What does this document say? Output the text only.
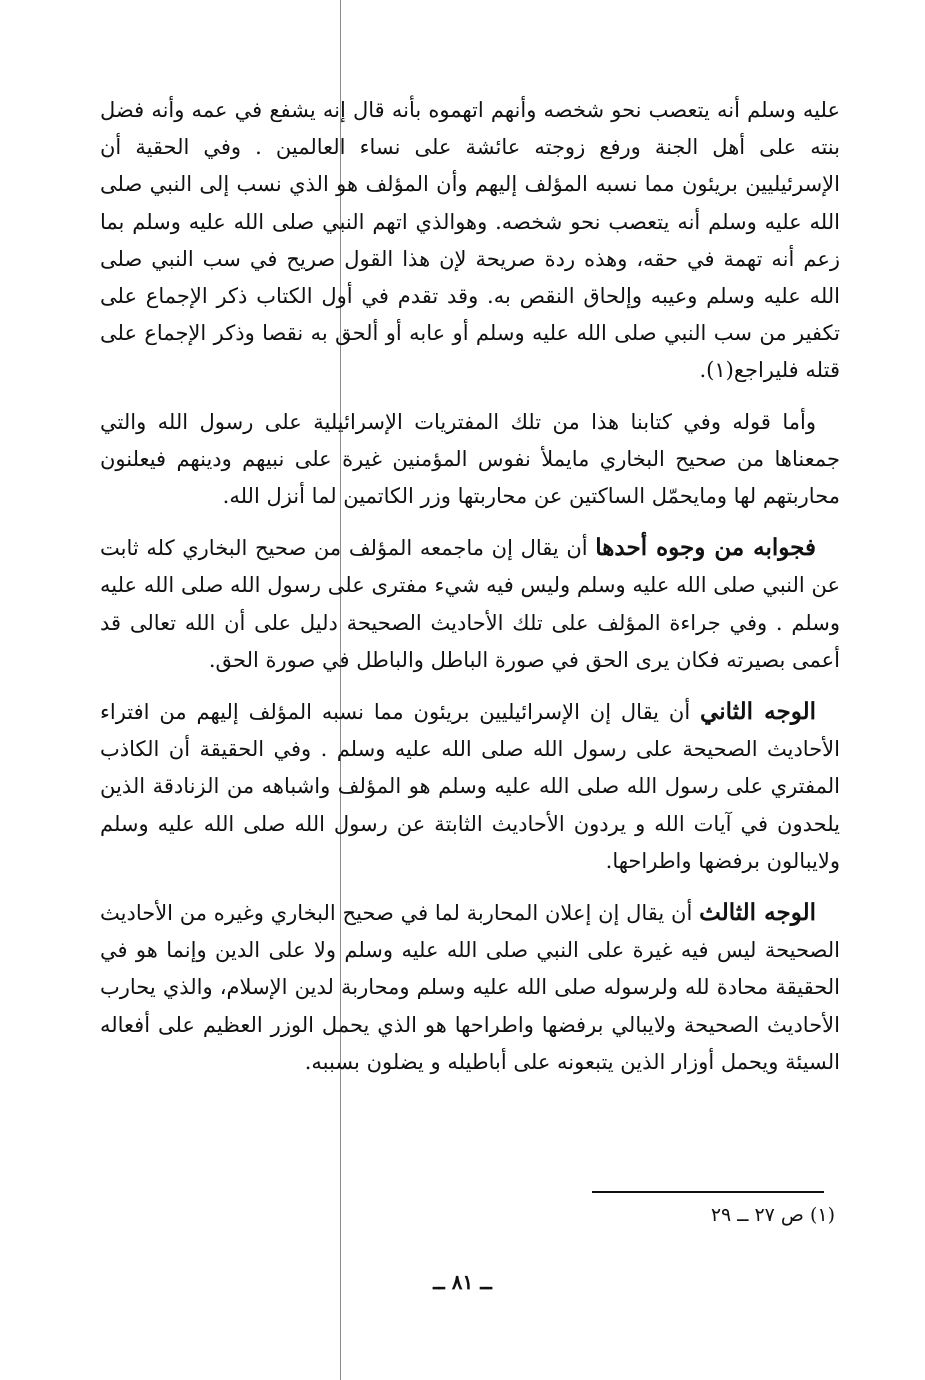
عليه وسلم أنه يتعصب نحو شخصه وأنهم اتهموه بأنه قال إنه يشفع في عمه وأنه فضل بنته على أهل الجنة ورفع زوجته عائشة على نساء العالمين . وفي الحقية أن الإسرئيليين بريئون مما نسبه المؤلف إليهم وأن المؤلف هو الذي نسب إلى النبي صلى الله عليه وسلم أنه يتعصب نحو شخصه. وهوالذي اتهم النبي صلى الله عليه وسلم بما زعم أنه تهمة في حقه، وهذه ردة صريحة لإن هذا القول صريح في سب النبي صلى الله عليه وسلم وعيبه وإلحاق النقص به. وقد تقدم في أول الكتاب ذكر الإجماع على تكفير من سب النبي صلى الله عليه وسلم أو عابه أو ألحق به نقصا وذكر الإجماع على قتله فليراجع(١).

وأما قوله وفي كتابنا هذا من تلك المفتريات الإسرائيلية على رسول الله والتي جمعناها من صحيح البخاري مايملأ نفوس المؤمنين غيرة على نبيهم ودينهم فيعلنون محاربتهم لها ومايحمّل الساكتين عن محاربتها وزر الكاتمين لما أنزل الله.

فجوابه من وجوه أحدها أن يقال إن ماجمعه المؤلف من صحيح البخاري كله ثابت عن النبي صلى الله عليه وسلم وليس فيه شيء مفترى على رسول الله صلى الله عليه وسلم . وفي جراءة المؤلف على تلك الأحاديث الصحيحة دليل على أن الله تعالى قد أعمى بصيرته فكان يرى الحق في صورة الباطل والباطل في صورة الحق.

الوجه الثاني أن يقال إن الإسرائيليين بريئون مما نسبه المؤلف إليهم من افتراء الأحاديث الصحيحة على رسول الله صلى الله عليه وسلم . وفي الحقيقة أن الكاذب المفتري على رسول الله صلى الله عليه وسلم هو المؤلف واشباهه من الزنادقة الذين يلحدون في آيات الله و يردون الأحاديث الثابتة عن رسول الله صلى الله عليه وسلم ولايبالون برفضها واطراحها.

الوجه الثالث أن يقال إن إعلان المحاربة لما في صحيح البخاري وغيره من الأحاديث الصحيحة ليس فيه غيرة على النبي صلى الله عليه وسلم ولا على الدين وإنما هو في الحقيقة محادة لله ولرسوله صلى الله عليه وسلم ومحاربة لدين الإسلام، والذي يحارب الأحاديث الصحيحة ولايبالي برفضها واطراحها هو الذي يحمل الوزر العظيم على أفعاله السيئة ويحمل أوزار الذين يتبعونه على أباطيله و يضلون بسببه.

(١) ص ٢٧ ــ ٢٩
ــ ٨١ ــ
